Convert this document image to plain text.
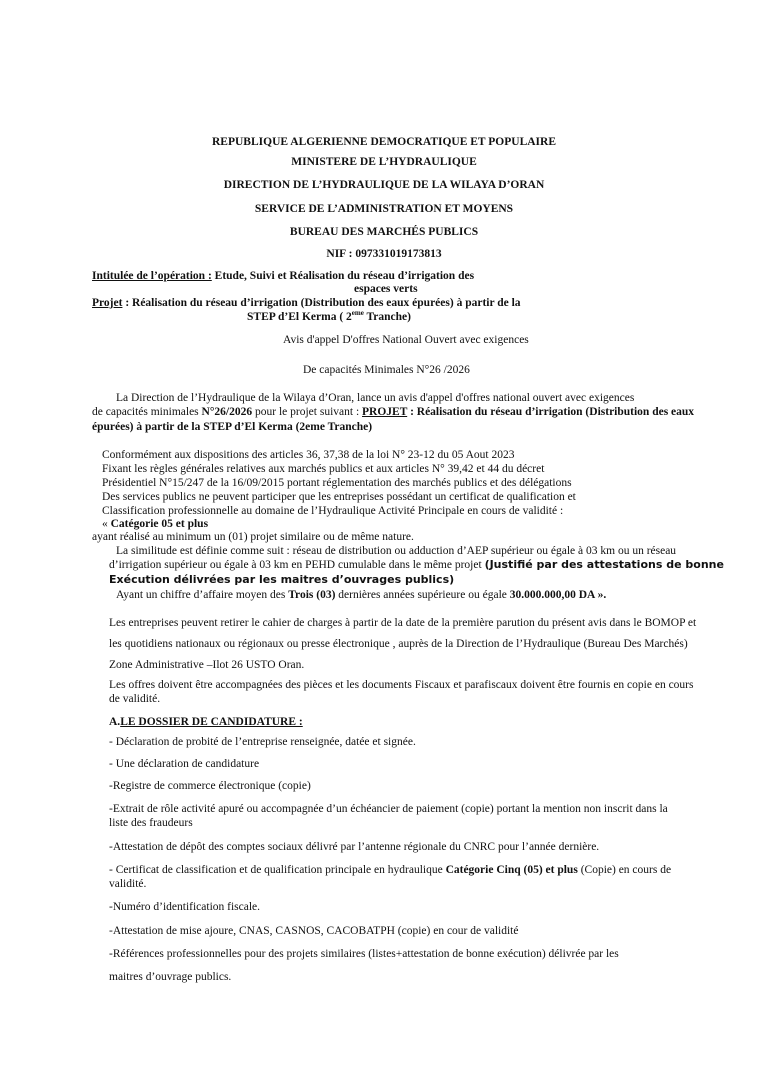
REPUBLIQUE ALGERIENNE DEMOCRATIQUE ET POPULAIRE
MINISTERE DE L’HYDRAULIQUE
DIRECTION DE L’HYDRAULIQUE DE LA WILAYA D’ORAN
SERVICE DE L’ADMINISTRATION ET MOYENS
BUREAU DES MARCHÉS PUBLICS
NIF : 097331019173813
Intitulée de l’opération : Etude, Suivi et Réalisation du réseau d’irrigation des
espaces verts
Projet : Réalisation du réseau d’irrigation (Distribution des eaux épurées) à partir de la
STEP d’El Kerma ( 2eme Tranche)
Avis d'appel D'offres National Ouvert avec exigences
De capacités Minimales N°26 /2026
La Direction de l’Hydraulique de la Wilaya d’Oran, lance un avis d'appel d'offres national ouvert avec exigences
de capacités minimales N°26/2026 pour le projet suivant : PROJET : Réalisation du réseau d’irrigation (Distribution des eaux
épurées) à partir de la STEP d’El Kerma (2eme Tranche)
Conformément aux dispositions des articles 36, 37,38 de la loi N° 23-12 du 05 Aout 2023
Fixant les règles générales relatives aux marchés publics et aux articles N° 39,42 et 44 du décret
Présidentiel N°15/247 de la 16/09/2015 portant réglementation des marchés publics et des délégations
Des services publics ne peuvent participer que les entreprises possédant un certificat de qualification et
Classification professionnelle au domaine de l’Hydraulique Activité Principale en cours de validité :
« Catégorie 05 et plus
ayant réalisé au minimum un (01) projet similaire ou de même nature.
La similitude est définie comme suit : réseau de distribution ou adduction d’AEP supérieur ou égale à 03 km ou un réseau
d’irrigation supérieur ou égale à 03 km en PEHD cumulable dans le même projet (Justifié par des attestations de bonne
Exécution délivrées par les maitres d’ouvrages publics)
Ayant un chiffre d’affaire moyen des Trois (03) dernières années supérieure ou égale 30.000.000,00 DA ».
Les entreprises peuvent retirer le cahier de charges à partir de la date de la première parution du présent avis dans le BOMOP et
les quotidiens nationaux ou régionaux ou presse électronique , auprès de la Direction de l’Hydraulique (Bureau Des Marchés)
Zone Administrative –Ilot 26 USTO Oran.
Les offres doivent être accompagnées des pièces et les documents Fiscaux et parafiscaux doivent être fournis en copie en cours
de validité.
A.LE DOSSIER DE CANDIDATURE :
- Déclaration de probité de l’entreprise renseignée, datée et signée.
- Une déclaration de candidature
-Registre de commerce électronique (copie)
-Extrait de rôle activité apuré ou accompagnée d’un échéancier de paiement (copie) portant la mention non inscrit dans la
liste des fraudeurs
-Attestation de dépôt des comptes sociaux délivré par l’antenne régionale du CNRC pour l’année dernière.
- Certificat de classification et de qualification principale en hydraulique Catégorie Cinq (05) et plus (Copie) en cours de
validité.
-Numéro d’identification fiscale.
-Attestation de mise ajoure, CNAS, CASNOS, CACOBATPH (copie) en cour de validité
-Références professionnelles pour des projets similaires (listes+attestation de bonne exécution) délivrée par les
maitres d’ouvrage publics.
